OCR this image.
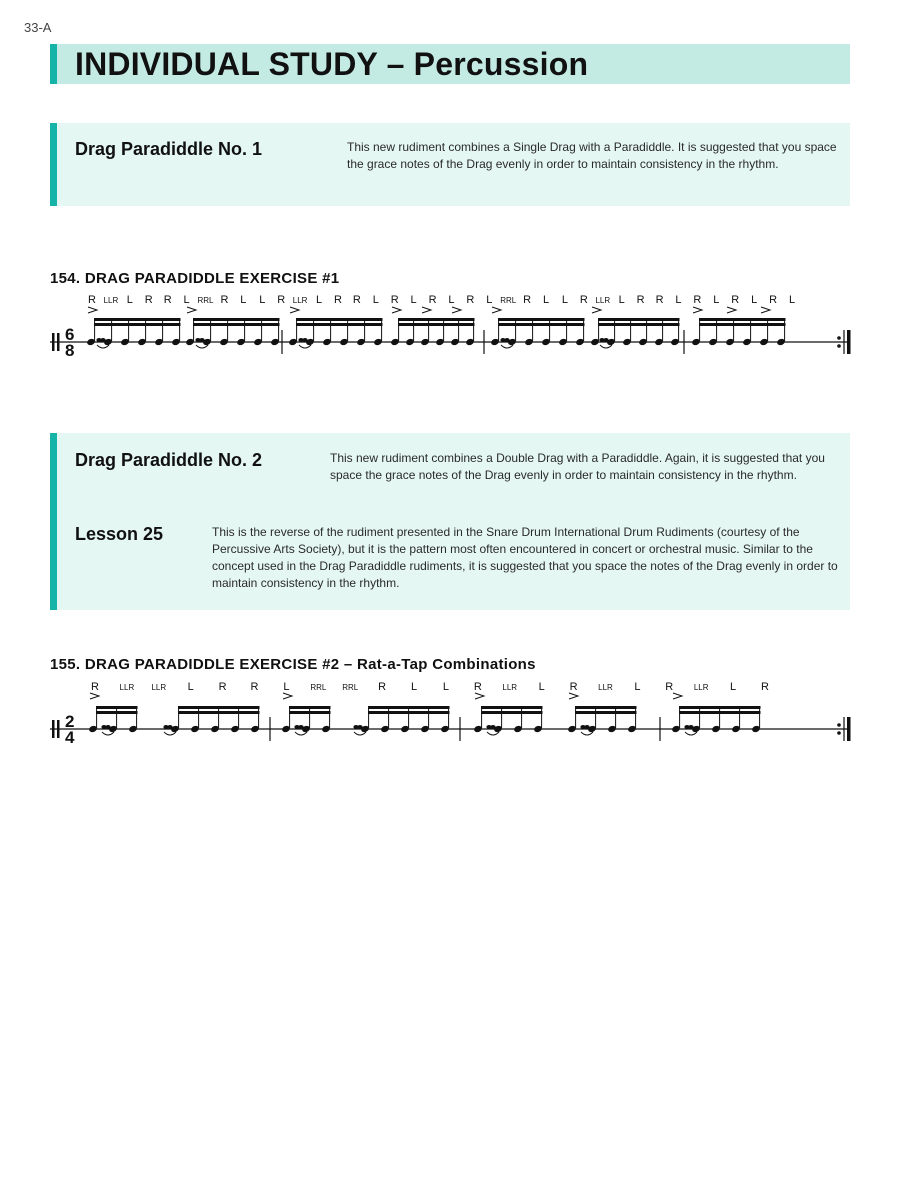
33-A
INDIVIDUAL STUDY – Percussion
Drag Paradiddle No. 1	This new rudiment combines a Single Drag with a Paradiddle. It is suggested that you space the grace notes of the Drag evenly in order to maintain consistency in the rhythm.
154. DRAG PARADIDDLE EXERCISE #1
6
8
R LLR L R R L RRL R L L R LLR L R R L R L R L R L RRL R L L R LLR L R R L R L R L R L
Drag Paradiddle No. 2	This new rudiment combines a Double Drag with a Paradiddle. Again, it is suggested that you space the grace notes of the Drag evenly in order to maintain consistency in the rhythm.
Lesson 25	This is the reverse of the rudiment presented in the Snare Drum International Drum Rudiments (courtesy of the Percussive Arts Society), but it is the pattern most often encountered in concert or orchestral music. Similar to the concept used in the Drag Paradiddle rudiments, it is suggested that you space the notes of the Drag evenly in order to maintain consistency in the rhythm.
155. DRAG PARADIDDLE EXERCISE #2 – Rat-a-Tap Combinations
2
4
R	LLR LLR L R R L	RRL RRL R L L R	LLR L R	LLR L R	LLR L R
